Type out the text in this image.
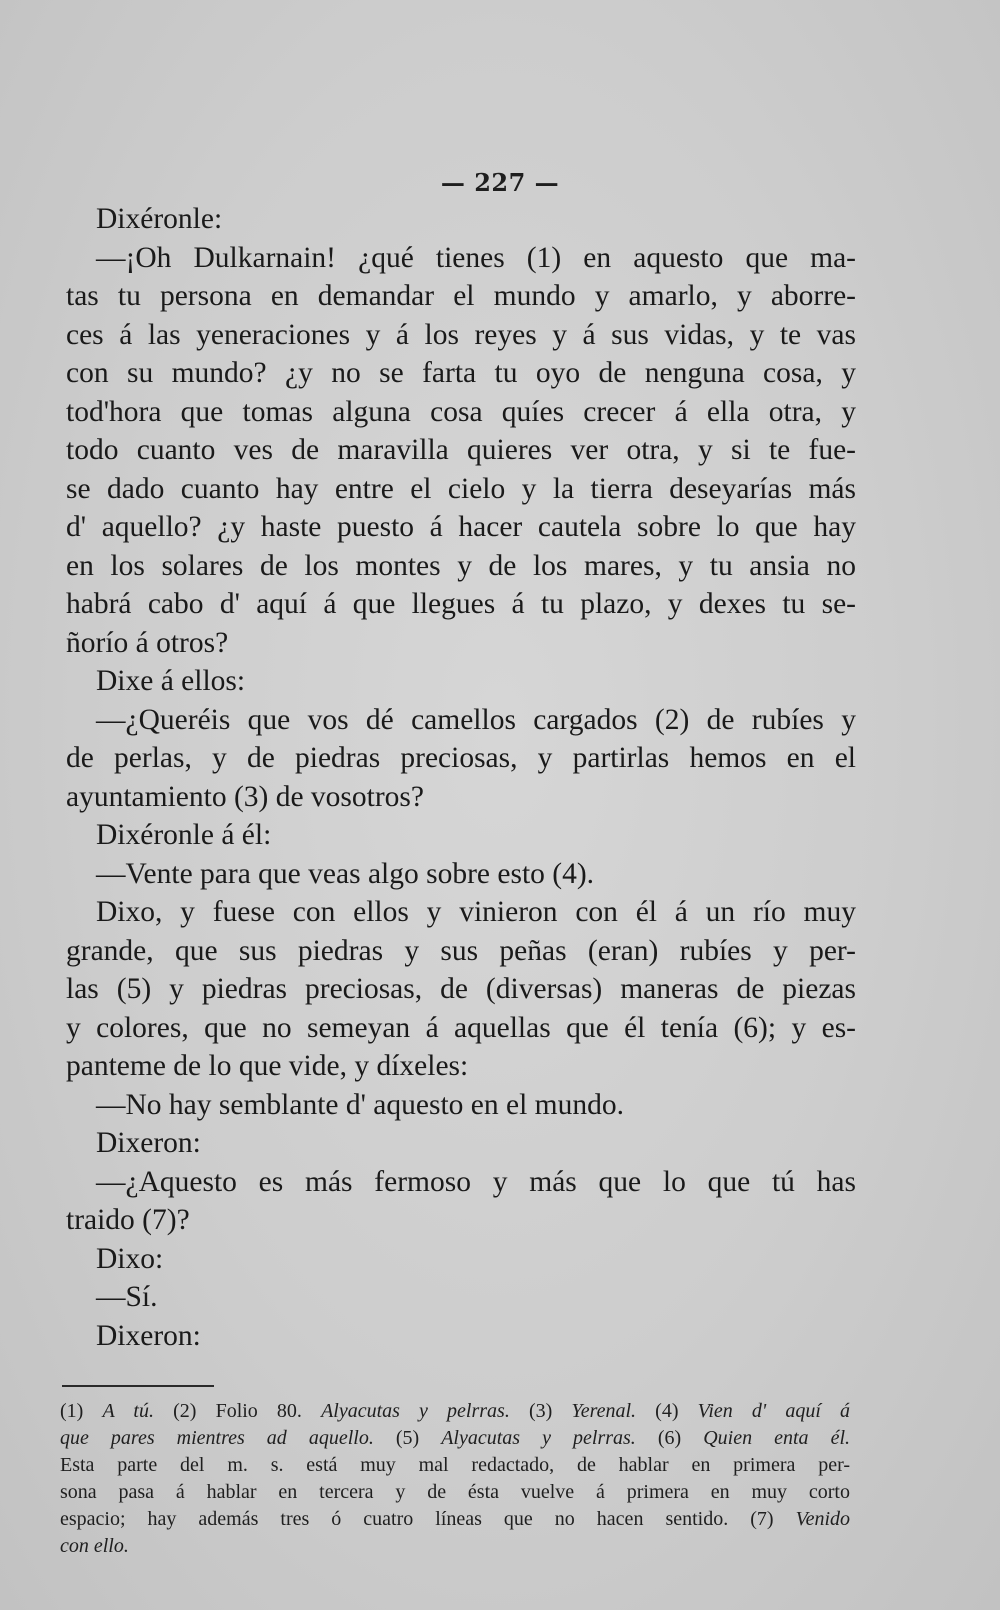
— 227 —
Dixéronle:
—¡Oh Dulkarnain! ¿qué tienes (1) en aquesto que ma-
tas tu persona en demandar el mundo y amarlo, y aborre-
ces á las yeneraciones y á los reyes y á sus vidas, y te vas
con su mundo? ¿y no se farta tu oyo de nenguna cosa, y
tod'hora que tomas alguna cosa quíes crecer á ella otra, y
todo cuanto ves de maravilla quieres ver otra, y si te fue-
se dado cuanto hay entre el cielo y la tierra deseyarías más
d' aquello? ¿y haste puesto á hacer cautela sobre lo que hay
en los solares de los montes y de los mares, y tu ansia no
habrá cabo d' aquí á que llegues á tu plazo, y dexes tu se-
ñorío á otros?
Dixe á ellos:
—¿Queréis que vos dé camellos cargados (2) de rubíes y
de perlas, y de piedras preciosas, y partirlas hemos en el
ayuntamiento (3) de vosotros?
Dixéronle á él:
—Vente para que veas algo sobre esto (4).
Dixo, y fuese con ellos y vinieron con él á un río muy
grande, que sus piedras y sus peñas (eran) rubíes y per-
las (5) y piedras preciosas, de (diversas) maneras de piezas
y colores, que no semeyan á aquellas que él tenía (6); y es-
panteme de lo que vide, y díxeles:
—No hay semblante d' aquesto en el mundo.
Dixeron:
—¿Aquesto es más fermoso y más que lo que tú has
traido (7)?
Dixo:
—Sí.
Dixeron:
(1) A tú. (2) Folio 80. Alyacutas y pelrras. (3) Yerenal. (4) Vien d' aquí á
que pares mientres ad aquello. (5) Alyacutas y pelrras. (6) Quien enta él.
Esta parte del m. s. está muy mal redactado, de hablar en primera per-
sona pasa á hablar en tercera y de ésta vuelve á primera en muy corto
espacio; hay además tres ó cuatro líneas que no hacen sentido. (7) Venido
con ello.
